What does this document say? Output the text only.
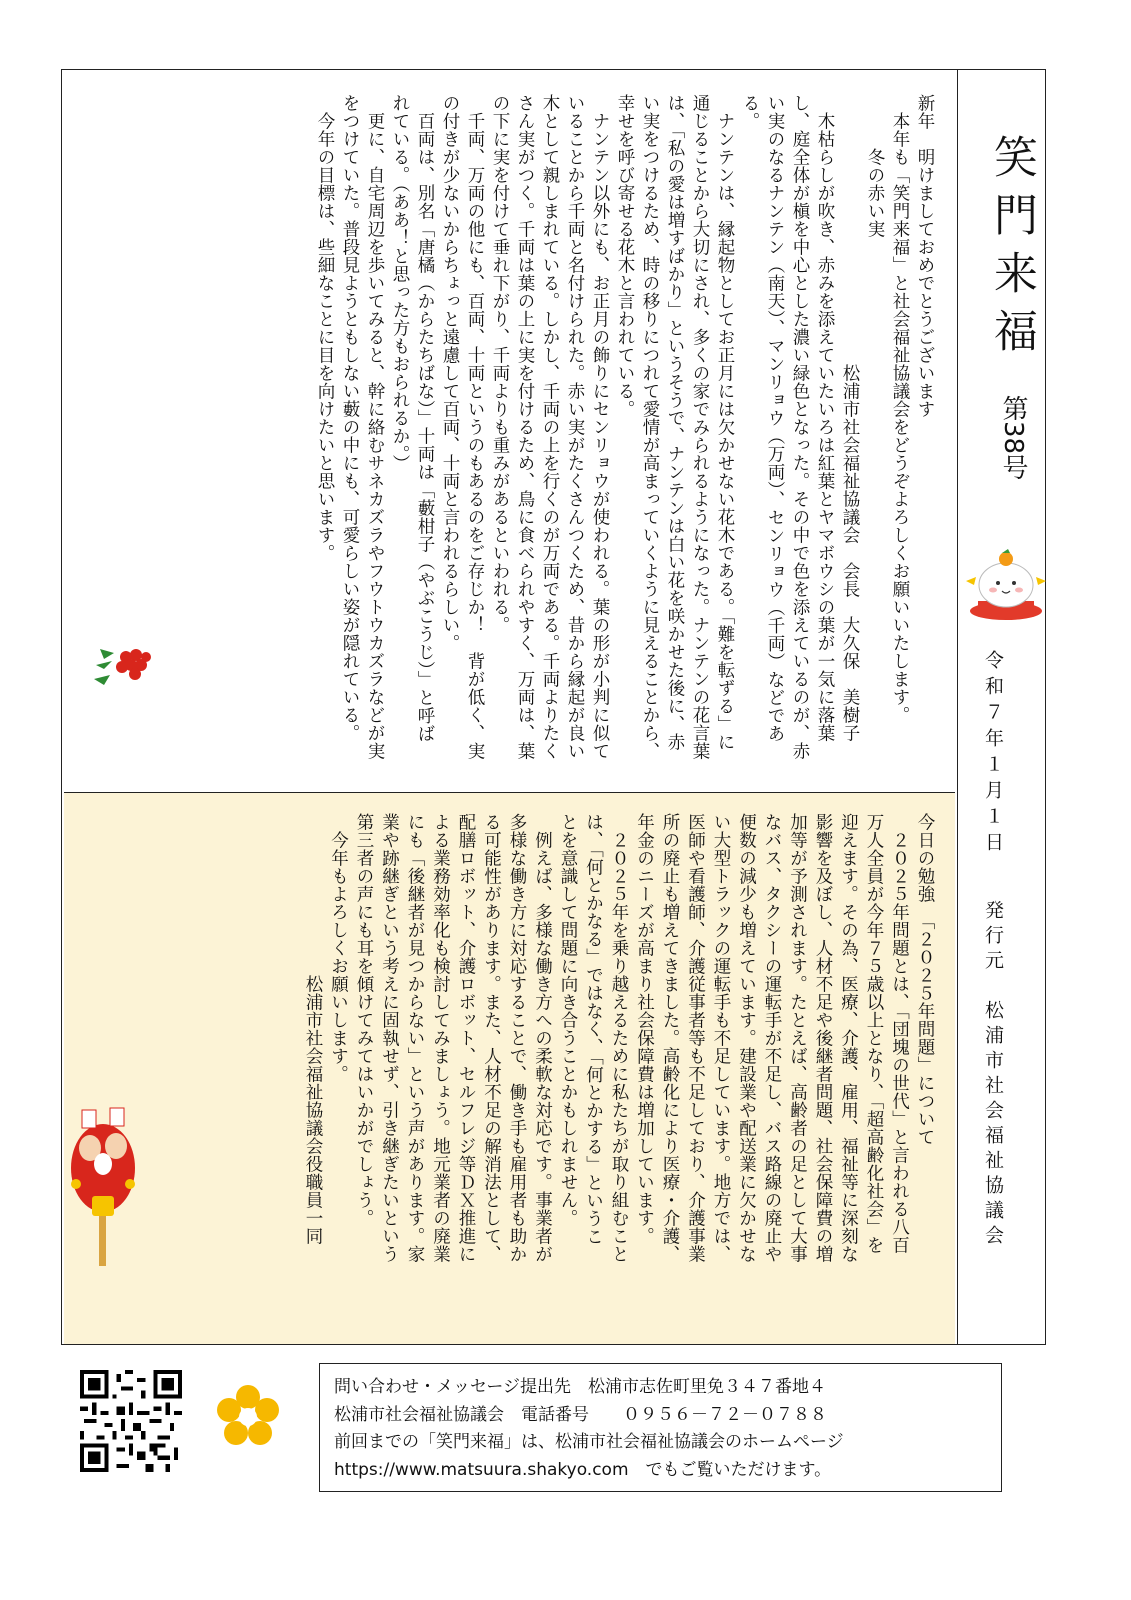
新年　明けましておめでとうございます

　本年も「笑門来福」と社会福祉協議会をどうぞよろしくお願いいたします。

　　　冬の赤い実

　　　　　　　　　　　　　　　松浦市社会福祉協議会　会長　大久保　美樹子

　木枯らしが吹き、赤みを添えていたいろは紅葉とヤマボウシの葉が一気に落葉

し、庭全体が槇を中心とした濃い緑色となった。その中で色を添えているのが、赤

い実のなるナンテン（南天）、マンリョウ（万両）、センリョウ（千両）などであ

る。

　ナンテンは、縁起物としてお正月には欠かせない花木である。「難を転ずる」に

通じることから大切にされ、多くの家でみられるようになった。ナンテンの花言葉

は、「私の愛は増すばかり」というそうで、ナンテンは白い花を咲かせた後に、赤

い実をつけるため、時の移りにつれて愛情が高まっていくように見えることから、

幸せを呼び寄せる花木と言われている。

　ナンテン以外にも、お正月の飾りにセンリョウが使われる。葉の形が小判に似て

いることから千両と名付けられた。赤い実がたくさんつくため、昔から縁起が良い

木として親しまれている。しかし、千両の上を行くのが万両である。千両よりたく

さん実がつく。千両は葉の上に実を付けるため、鳥に食べられやすく、万両は、葉

の下に実を付けて垂れ下がり、千両よりも重みがあるといわれる。

　千両、万両の他にも、百両、十両というのもあるのをご存じか！　背が低く、実

の付きが少ないからちょっと遠慮して百両、十両と言われるらしい。

　百両は、別名「唐橘（からたちばな）」十両は「藪柑子（やぶこうじ）」と呼ば

れている。（ああ！と思った方もおられるか。）

　更に、自宅周辺を歩いてみると、幹に絡むサネカズラやフウトウカズラなどが実

をつけていた。普段見ようともしない藪の中にも、可愛らしい姿が隠れている。

　今年の目標は、些細なことに目を向けたいと思います。

今日の勉強　「２０２５年問題」について

　２０２５年問題とは、「団塊の世代」と言われる八百

万人全員が今年７５歳以上となり、「超高齢化社会」を

迎えます。その為、医療、介護、雇用、福祉等に深刻な

影響を及ぼし、人材不足や後継者問題、社会保障費の増

加等が予測されます。たとえば、高齢者の足として大事

なバス、タクシーの運転手が不足し、バス路線の廃止や

便数の減少も増えています。建設業や配送業に欠かせな

い大型トラックの運転手も不足しています。地方では、

医師や看護師、介護従事者等も不足しており、介護事業

所の廃止も増えてきました。高齢化により医療・介護、

年金のニーズが高まり社会保障費は増加しています。

　２０２５年を乗り越えるために私たちが取り組むこと

は、「何とかなる」ではなく、「何とかする」というこ

とを意識して問題に向き合うことかもしれません。

　例えば、多様な働き方への柔軟な対応です。事業者が

多様な働き方に対応することで、働き手も雇用者も助か

る可能性があります。また、人材不足の解消法として、

配膳ロボット、介護ロボット、セルフレジ等ＤＸ推進に

よる業務効率化も検討してみましょう。地元業者の廃業

にも「後継者が見つからない」という声があります。家

業や跡継ぎという考えに固執せず、引き継ぎたいという

第三者の声にも耳を傾けてみてはいかがでしょう。

　今年もよろしくお願いします。

　　　　　　　　　松浦市社会福祉協議会役職員一同

笑門来福
第38号
令和７年１月１日
発行元　松浦市社会福祉協議会
問い合わせ・メッセージ提出先　松浦市志佐町里免３４７番地４
松浦市社会福祉協議会　電話番号　　０９５６－７２－０７８８
前回までの「笑門来福」は、松浦市社会福祉協議会のホームページ
https://www.matsuura.shakyo.com　でもご覧いただけます。
